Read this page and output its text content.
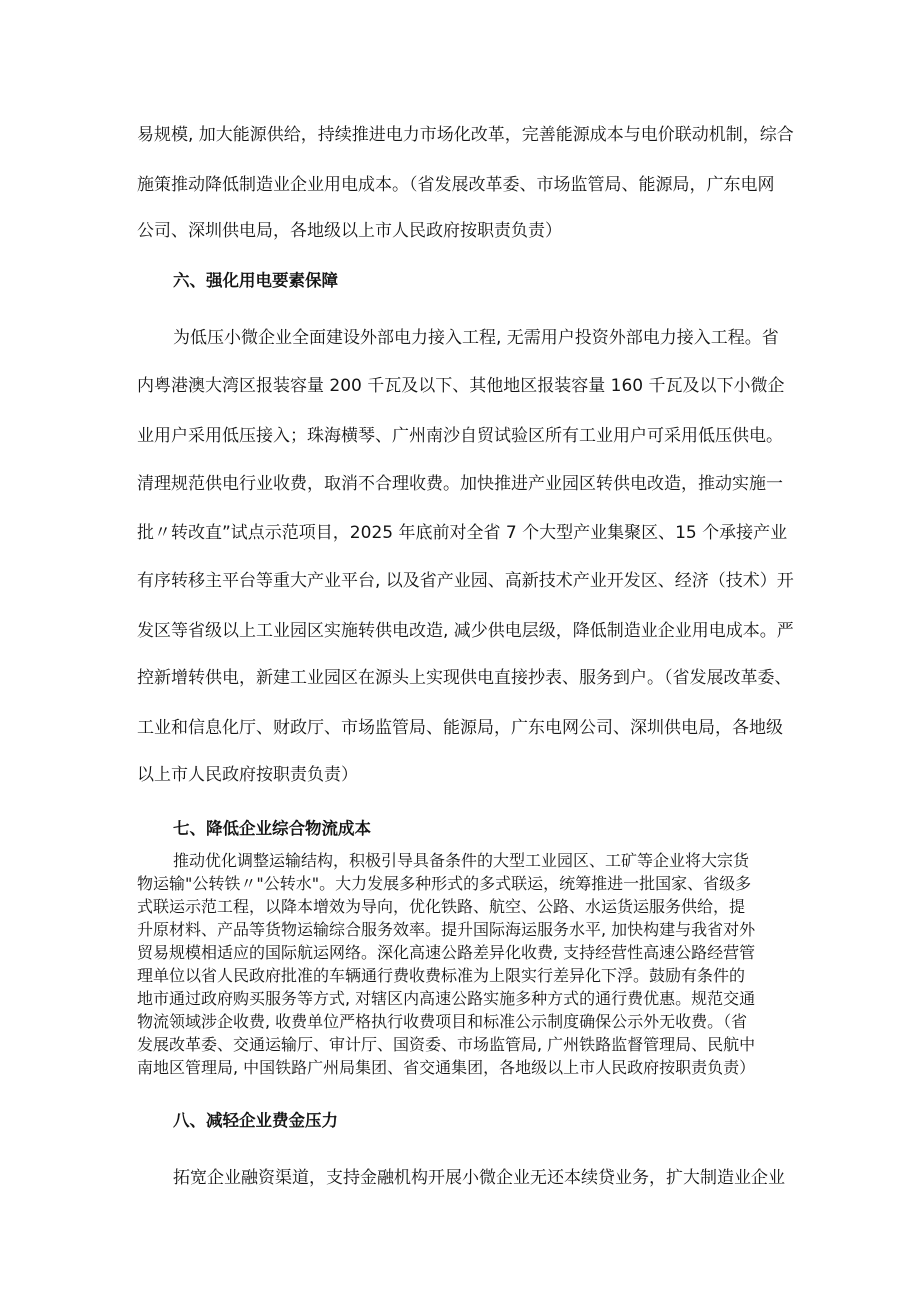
易规模, 加大能源供给，持续推进电力市场化改革，完善能源成本与电价联动机制，综合
施策推动降低制造业企业用电成本。（省发展改革委、市场监管局、能源局，广东电网
公司、深圳供电局，各地级以上市人民政府按职责负责）
六、强化用电要素保障
为低压小微企业全面建设外部电力接入工程, 无需用户投资外部电力接入工程。省
内粤港澳大湾区报装容量 200 千瓦及以下、其他地区报装容量 160 千瓦及以下小微企
业用户采用低压接入；珠海横琴、广州南沙自贸试验区所有工业用户可采用低压供电。
清理规范供电行业收费，取消不合理收费。加快推进产业园区转供电改造，推动实施一
批〃转改直”试点示范项目，2025 年底前对全省 7 个大型产业集聚区、15 个承接产业
有序转移主平台等重大产业平台, 以及省产业园、高新技术产业开发区、经济（技术）开
发区等省级以上工业园区实施转供电改造, 减少供电层级，降低制造业企业用电成本。严
控新增转供电，新建工业园区在源头上实现供电直接抄表、服务到户。（省发展改革委、
工业和信息化厅、财政厅、市场监管局、能源局，广东电网公司、深圳供电局，各地级
以上市人民政府按职责负责）
七、降低企业综合物流成本
推动优化调整运输结构，积极引导具备条件的大型工业园区、工矿等企业将大宗货
物运输"公转铁〃"公转水"。大力发展多种形式的多式联运，统筹推进一批国家、省级多
式联运示范工程，以降本增效为导向，优化铁路、航空、公路、水运货运服务供给，提
升原材料、产品等货物运输综合服务效率。提升国际海运服务水平, 加快构建与我省对外
贸易规模相适应的国际航运网络。深化高速公路差异化收费, 支持经营性高速公路经营管
理单位以省人民政府批准的车辆通行费收费标准为上限实行差异化下浮。鼓励有条件的
地市通过政府购买服务等方式, 对辖区内高速公路实施多种方式的通行费优惠。规范交通
物流领域涉企收费, 收费单位严格执行收费项目和标准公示制度确保公示外无收费。（省
发展改革委、交通运输厅、审计厅、国资委、市场监管局, 广州铁路监督管理局、民航中
南地区管理局, 中国铁路广州局集团、省交通集团，各地级以上市人民政府按职责负责）
八、减轻企业费金压力
拓宽企业融资渠道，支持金融机构开展小微企业无还本续贷业务，扩大制造业企业
